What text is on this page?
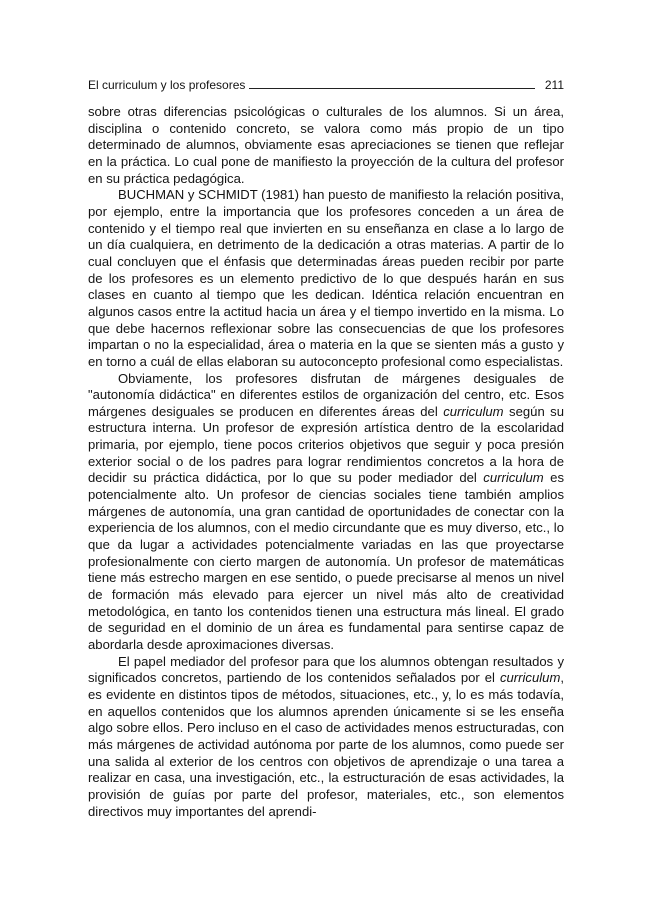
El curriculum y los profesores	211

sobre otras diferencias psicológicas o culturales de los alumnos. Si un área, disciplina o contenido concreto, se valora como más propio de un tipo determinado de alumnos, obviamente esas apreciaciones se tienen que reflejar en la práctica. Lo cual pone de manifiesto la proyección de la cultura del profesor en su práctica pedagógica.

BUCHMAN y SCHMIDT (1981) han puesto de manifiesto la relación positiva, por ejemplo, entre la importancia que los profesores conceden a un área de contenido y el tiempo real que invierten en su enseñanza en clase a lo largo de un día cualquiera, en detrimento de la dedicación a otras materias. A partir de lo cual concluyen que el énfasis que determinadas áreas pueden recibir por parte de los profesores es un elemento predictivo de lo que después harán en sus clases en cuanto al tiempo que les dedican. Idéntica relación encuentran en algunos casos entre la actitud hacia un área y el tiempo invertido en la misma. Lo que debe hacernos reflexionar sobre las consecuencias de que los profesores impartan o no la especialidad, área o materia en la que se sienten más a gusto y en torno a cuál de ellas elaboran su autoconcepto profesional como especialistas.

Obviamente, los profesores disfrutan de márgenes desiguales de "autonomía didáctica" en diferentes estilos de organización del centro, etc. Esos márgenes desiguales se producen en diferentes áreas del curriculum según su estructura interna. Un profesor de expresión artística dentro de la escolaridad primaria, por ejemplo, tiene pocos criterios objetivos que seguir y poca presión exterior social o de los padres para lograr rendimientos concretos a la hora de decidir su práctica didáctica, por lo que su poder mediador del curriculum es potencialmente alto. Un profesor de ciencias sociales tiene también amplios márgenes de autonomía, una gran cantidad de oportunidades de conectar con la experiencia de los alumnos, con el medio circundante que es muy diverso, etc., lo que da lugar a actividades potencialmente variadas en las que proyectarse profesionalmente con cierto margen de autonomía. Un profesor de matemáticas tiene más estrecho margen en ese sentido, o puede precisarse al menos un nivel de formación más elevado para ejercer un nivel más alto de creatividad metodológica, en tanto los contenidos tienen una estructura más lineal. El grado de seguridad en el dominio de un área es fundamental para sentirse capaz de abordarla desde aproximaciones diversas.

El papel mediador del profesor para que los alumnos obtengan resultados y significados concretos, partiendo de los contenidos señalados por el curriculum, es evidente en distintos tipos de métodos, situaciones, etc., y, lo es más todavía, en aquellos contenidos que los alumnos aprenden únicamente si se les enseña algo sobre ellos. Pero incluso en el caso de actividades menos estructuradas, con más márgenes de actividad autónoma por parte de los alumnos, como puede ser una salida al exterior de los centros con objetivos de aprendizaje o una tarea a realizar en casa, una investigación, etc., la estructuración de esas actividades, la provisión de guías por parte del profesor, materiales, etc., son elementos directivos muy importantes del aprendi-
